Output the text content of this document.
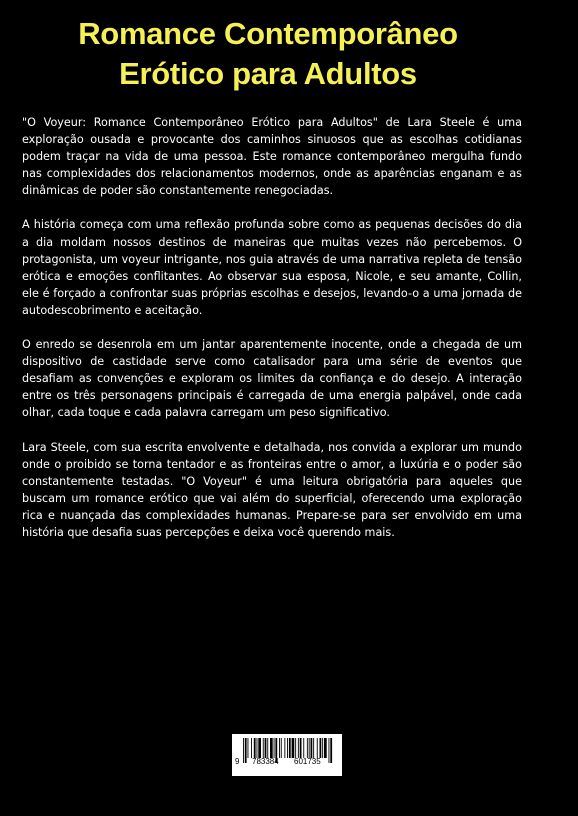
Romance Contemporâneo
Erótico para Adultos

"O Voyeur: Romance Contemporâneo Erótico para Adultos" de Lara Steele é uma exploração ousada e provocante dos caminhos sinuosos que as escolhas cotidianas podem traçar na vida de uma pessoa. Este romance contemporâneo mergulha fundo nas complexidades dos relacionamentos modernos, onde as aparências enganam e as dinâmicas de poder são constantemente renegociadas.

A história começa com uma reflexão profunda sobre como as pequenas decisões do dia a dia moldam nossos destinos de maneiras que muitas vezes não percebemos. O protagonista, um voyeur intrigante, nos guia através de uma narrativa repleta de tensão erótica e emoções conflitantes. Ao observar sua esposa, Nicole, e seu amante, Collin, ele é forçado a confrontar suas próprias escolhas e desejos, levando-o a uma jornada de autodescobrimento e aceitação.

O enredo se desenrola em um jantar aparentemente inocente, onde a chegada de um dispositivo de castidade serve como catalisador para uma série de eventos que desafiam as convenções e exploram os limites da confiança e do desejo. A interação entre os três personagens principais é carregada de uma energia palpável, onde cada olhar, cada toque e cada palavra carregam um peso significativo.

Lara Steele, com sua escrita envolvente e detalhada, nos convida a explorar um mundo onde o proibido se torna tentador e as fronteiras entre o amor, a luxúria e o poder são constantemente testadas. "O Voyeur" é uma leitura obrigatória para aqueles que buscam um romance erótico que vai além do superficial, oferecendo uma exploração rica e nuançada das complexidades humanas. Prepare-se para ser envolvido em uma história que desafia suas percepções e deixa você querendo mais.

9 783384 601735
